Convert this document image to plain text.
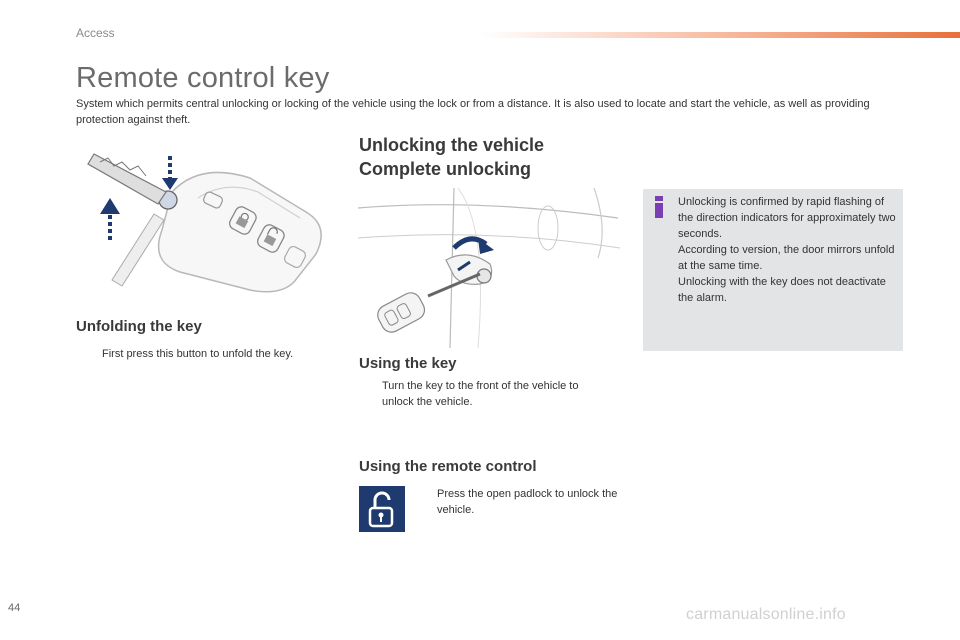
Access
Remote control key
System which permits central unlocking or locking of the vehicle using the lock or from a distance. It is also used to locate and start the vehicle, as well as providing protection against theft.
Unfolding the key
First press this button to unfold the key.
Unlocking the vehicle
Complete unlocking
Using the key
Turn the key to the front of the vehicle to unlock the vehicle.
Using the remote control
Press the open padlock to unlock the vehicle.
Unlocking is confirmed by rapid flashing of the direction indicators for approximately two seconds.
According to version, the door mirrors unfold at the same time.
Unlocking with the key does not deactivate the alarm.
44	carmanualsonline.info
